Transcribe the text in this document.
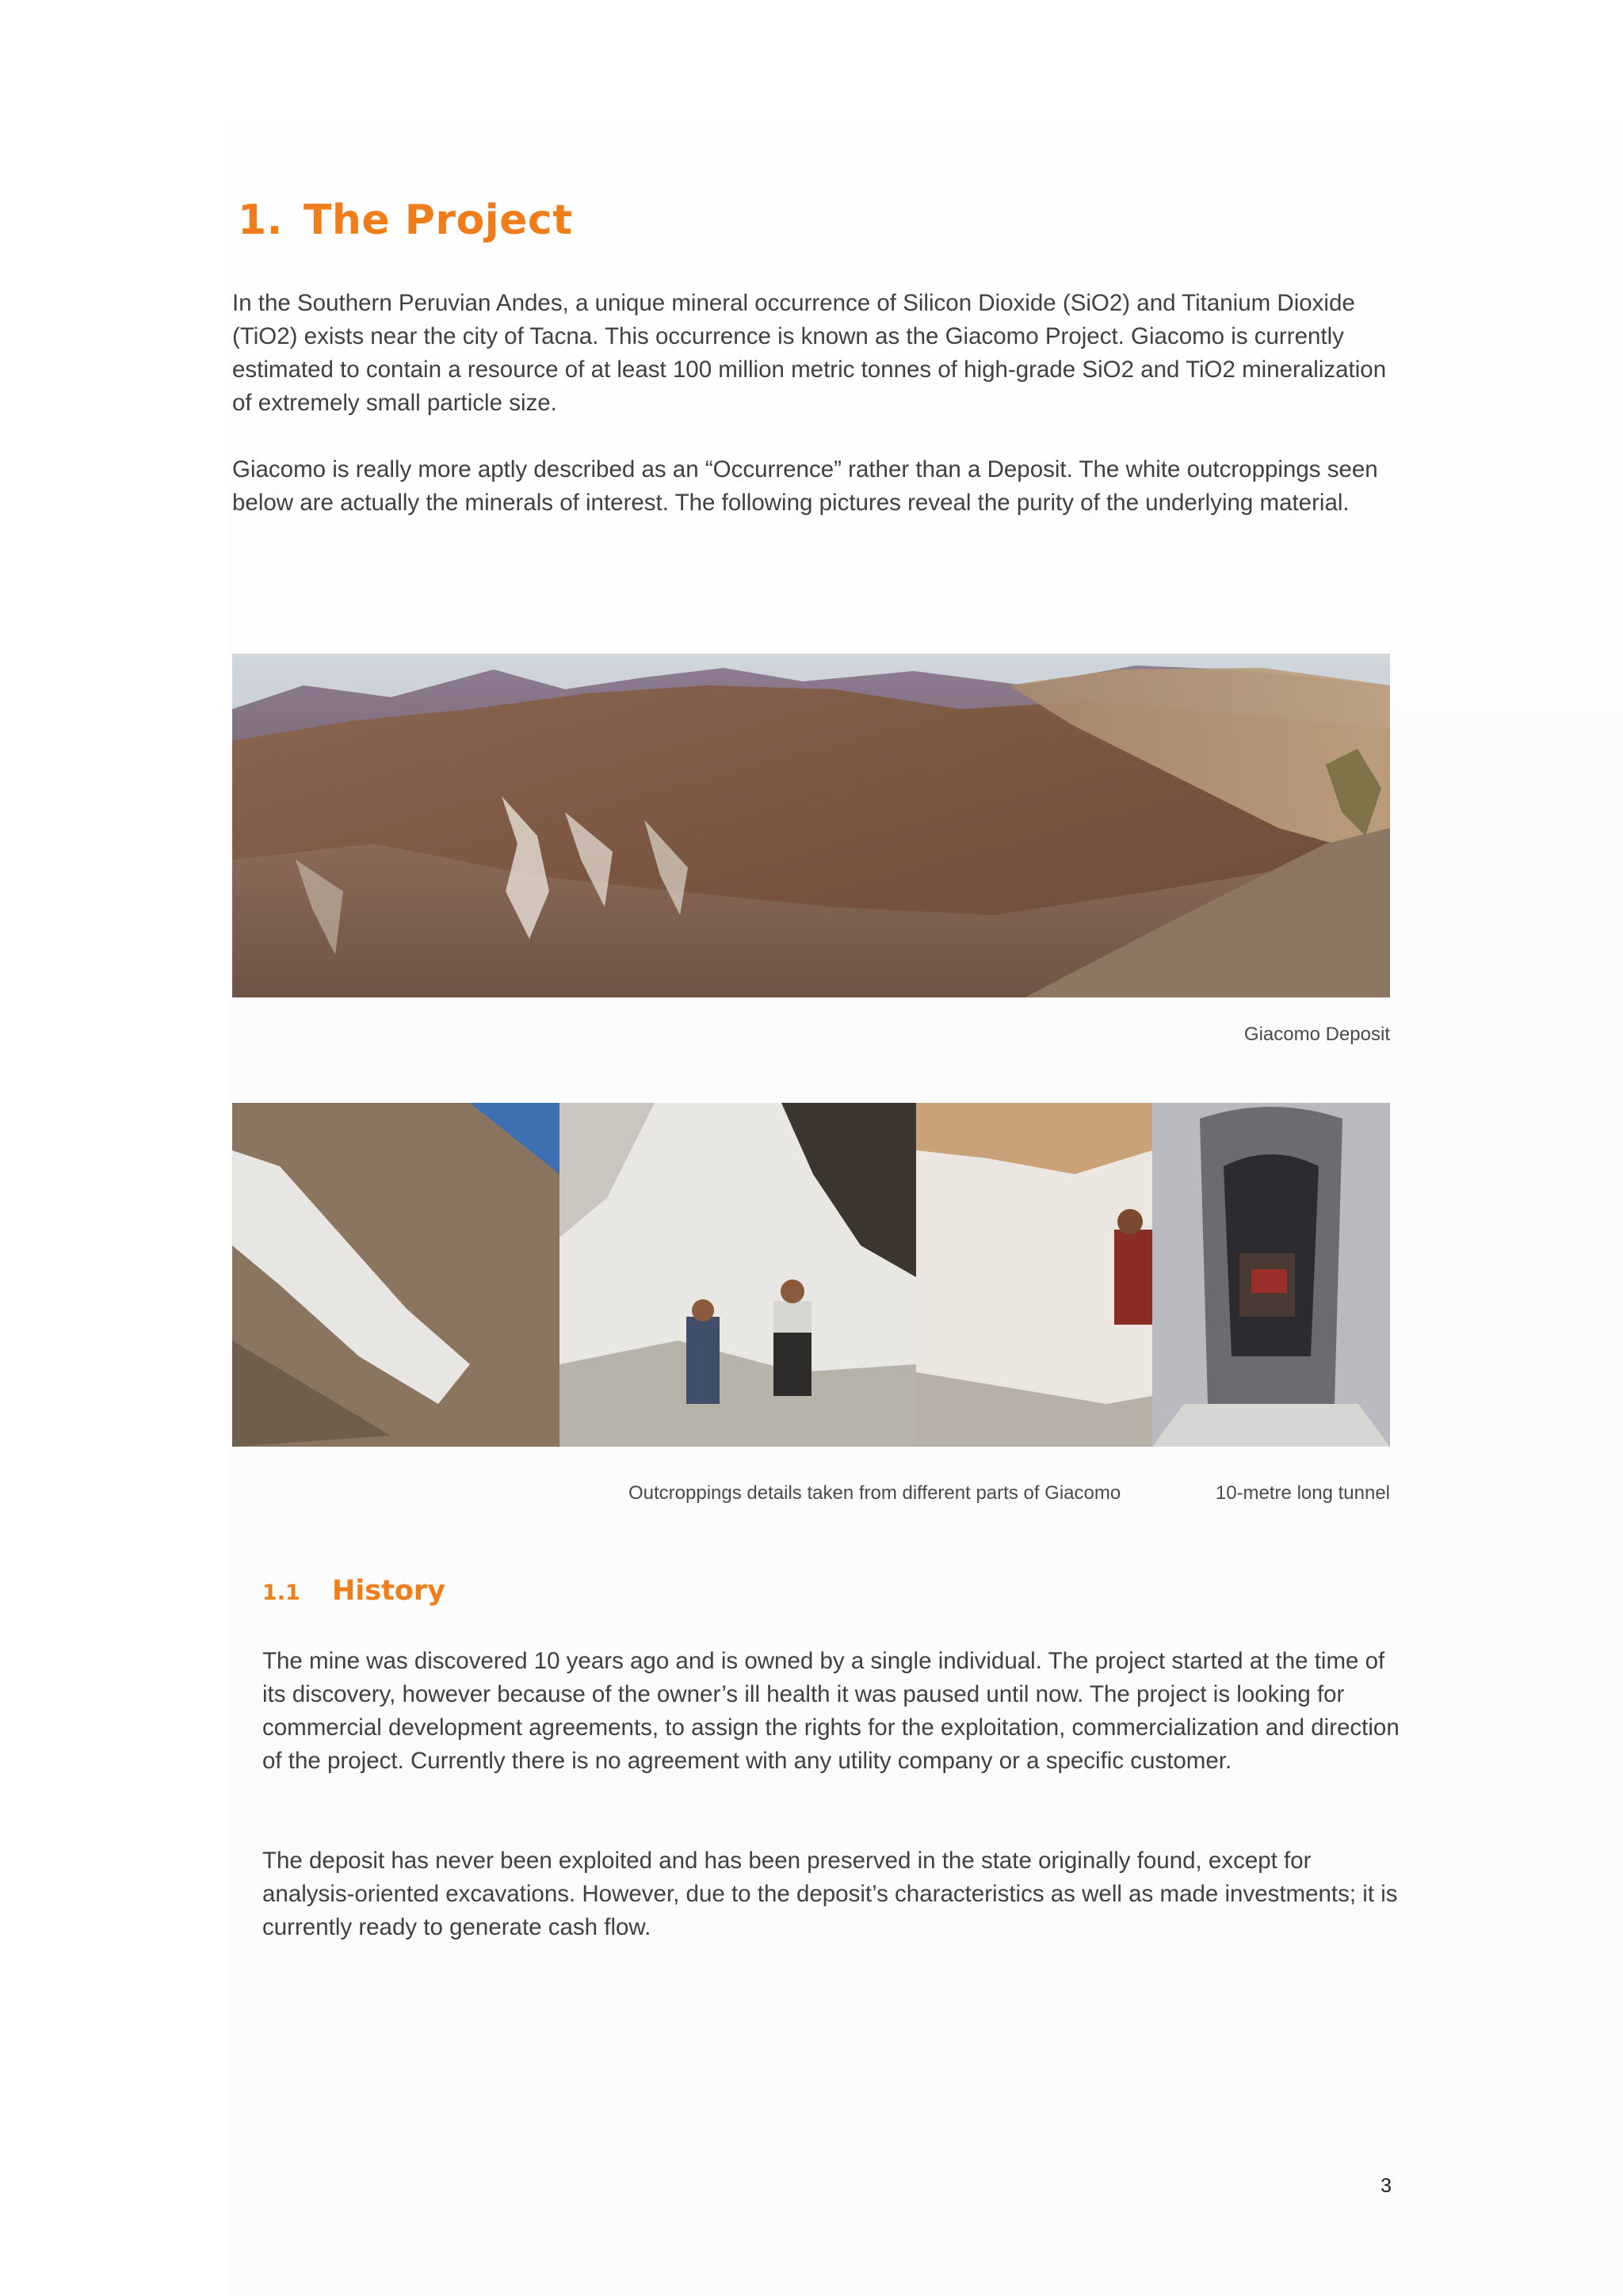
1. The Project

In the Southern Peruvian Andes, a unique mineral occurrence of Silicon Dioxide (SiO2) and Titanium Dioxide (TiO2) exists near the city of Tacna. This occurrence is known as the Giacomo Project. Giacomo is currently estimated to contain a resource of at least 100 million metric tonnes of high-grade SiO2 and TiO2 mineralization of extremely small particle size.

Giacomo is really more aptly described as an “Occurrence” rather than a Deposit. The white outcroppings seen below are actually the minerals of interest. The following pictures reveal the purity of the underlying material.

Giacomo Deposit
Outcroppings details taken from different parts of Giacomo	10-metre long tunnel
1.1 History

The mine was discovered 10 years ago and is owned by a single individual. The project started at the time of its discovery, however because of the owner’s ill health it was paused until now. The project is looking for commercial development agreements, to assign the rights for the exploitation, commercialization and direction of the project. Currently there is no agreement with any utility company or a specific customer.

The deposit has never been exploited and has been preserved in the state originally found, except for analysis-oriented excavations. However, due to the deposit’s characteristics as well as made investments; it is currently ready to generate cash flow.

3
